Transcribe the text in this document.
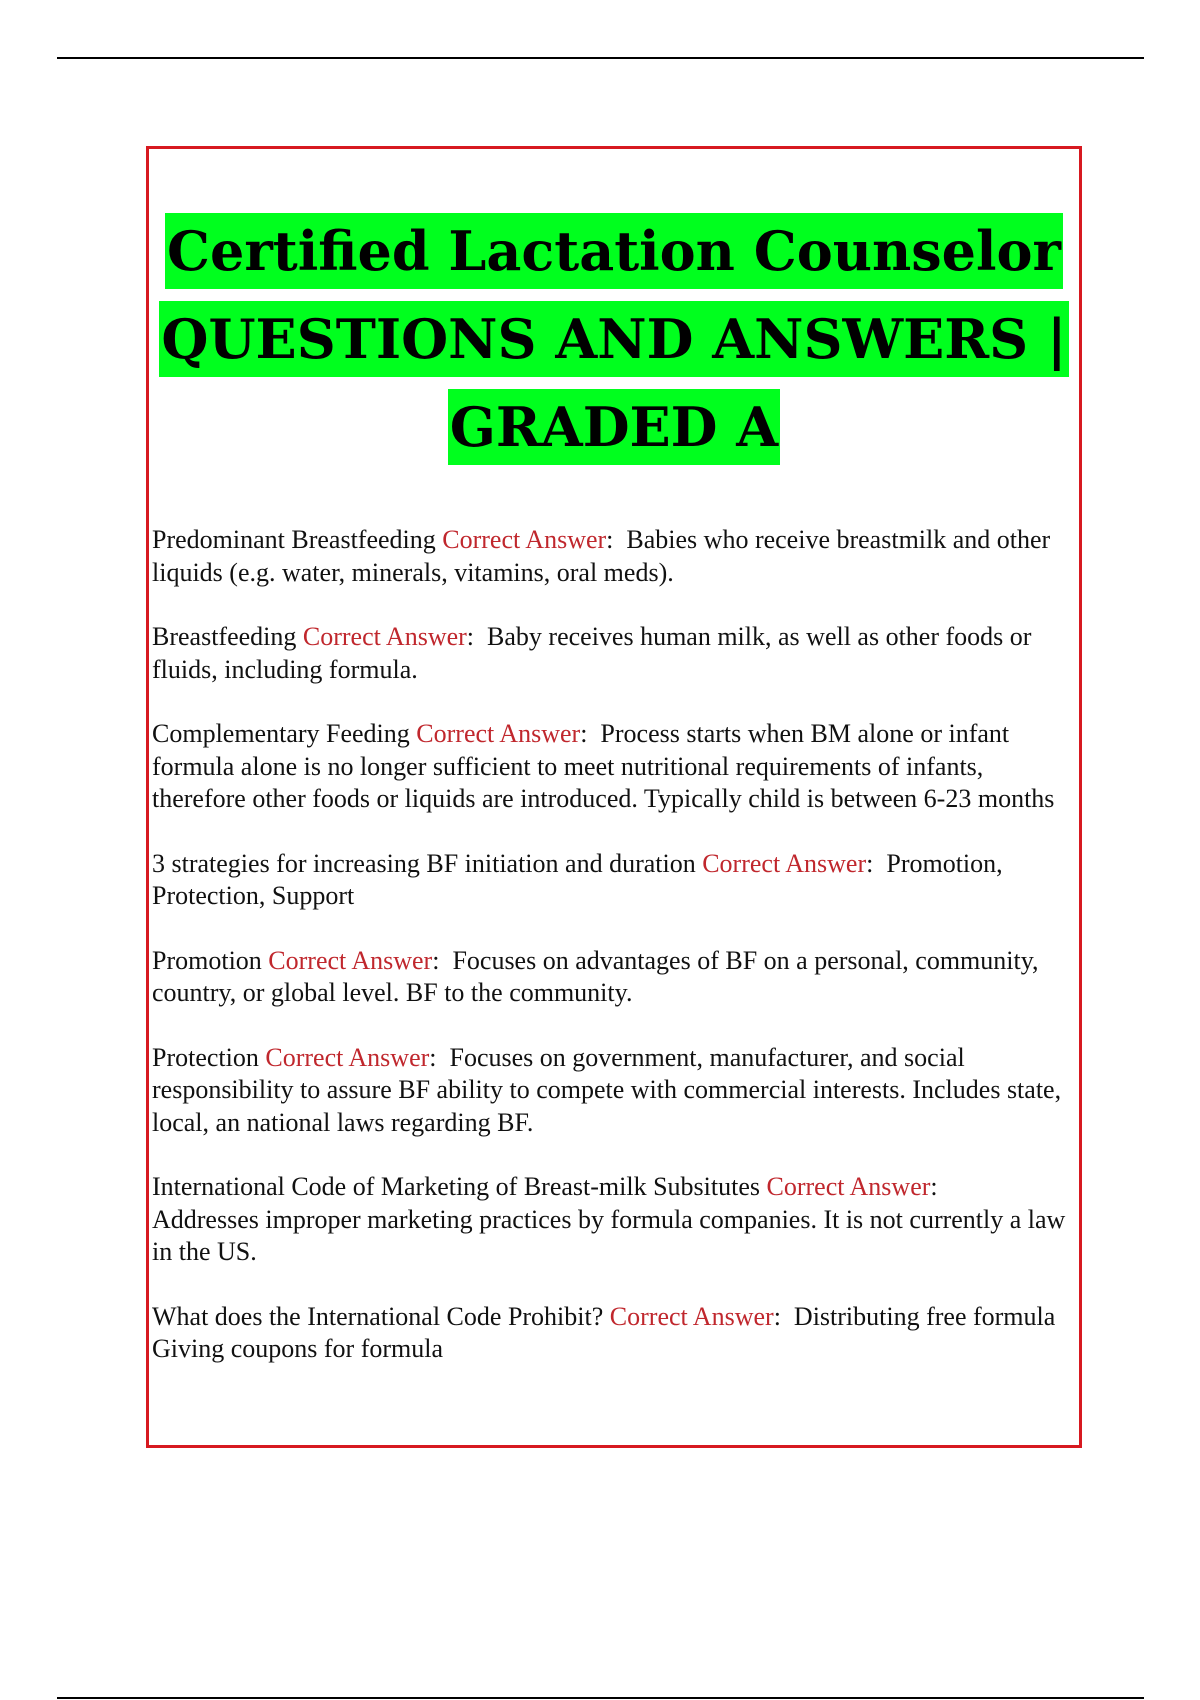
Certified Lactation Counselor
QUESTIONS AND ANSWERS |
GRADED A
Predominant Breastfeeding Correct Answer:  Babies who receive breastmilk and other liquids (e.g. water, minerals, vitamins, oral meds).
Breastfeeding Correct Answer:  Baby receives human milk, as well as other foods or fluids, including formula.
Complementary Feeding Correct Answer:  Process starts when BM alone or infant formula alone is no longer sufficient to meet nutritional requirements of infants, therefore other foods or liquids are introduced. Typically child is between 6-23 months
3 strategies for increasing BF initiation and duration Correct Answer:  Promotion, Protection, Support
Promotion Correct Answer:  Focuses on advantages of BF on a personal, community, country, or global level. BF to the community.
Protection Correct Answer:  Focuses on government, manufacturer, and social responsibility to assure BF ability to compete with commercial interests. Includes state, local, an national laws regarding BF.
International Code of Marketing of Breast-milk Subsitutes Correct Answer:
Addresses improper marketing practices by formula companies. It is not currently a law in the US.
What does the International Code Prohibit? Correct Answer:  Distributing free formula
Giving coupons for formula
